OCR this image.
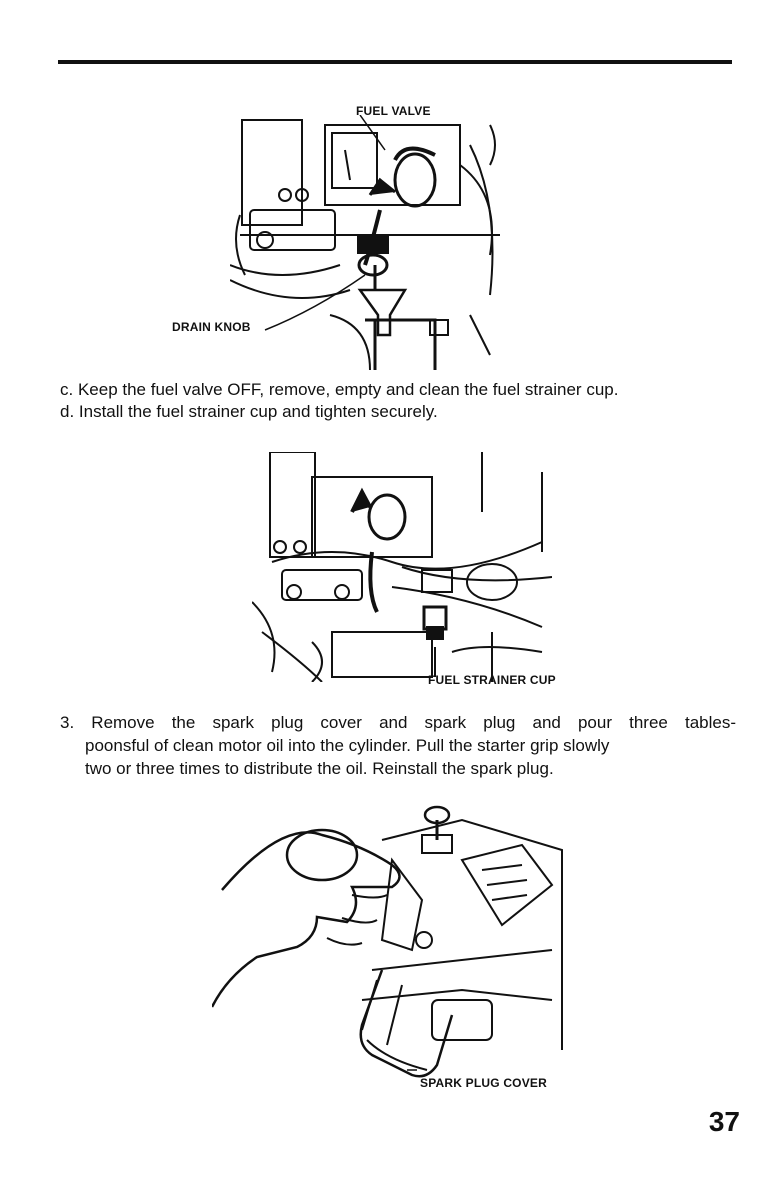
FUEL VALVE
DRAIN KNOB
c. Keep the fuel valve OFF, remove, empty and clean the fuel strainer cup.
d. Install the fuel strainer cup and tighten securely.
FUEL STRAINER CUP
3. Remove the spark plug cover and spark plug and pour three tables-
poonsful of clean motor oil into the cylinder. Pull the starter grip slowly
two or three times to distribute the oil. Reinstall the spark plug.
SPARK PLUG COVER
37
